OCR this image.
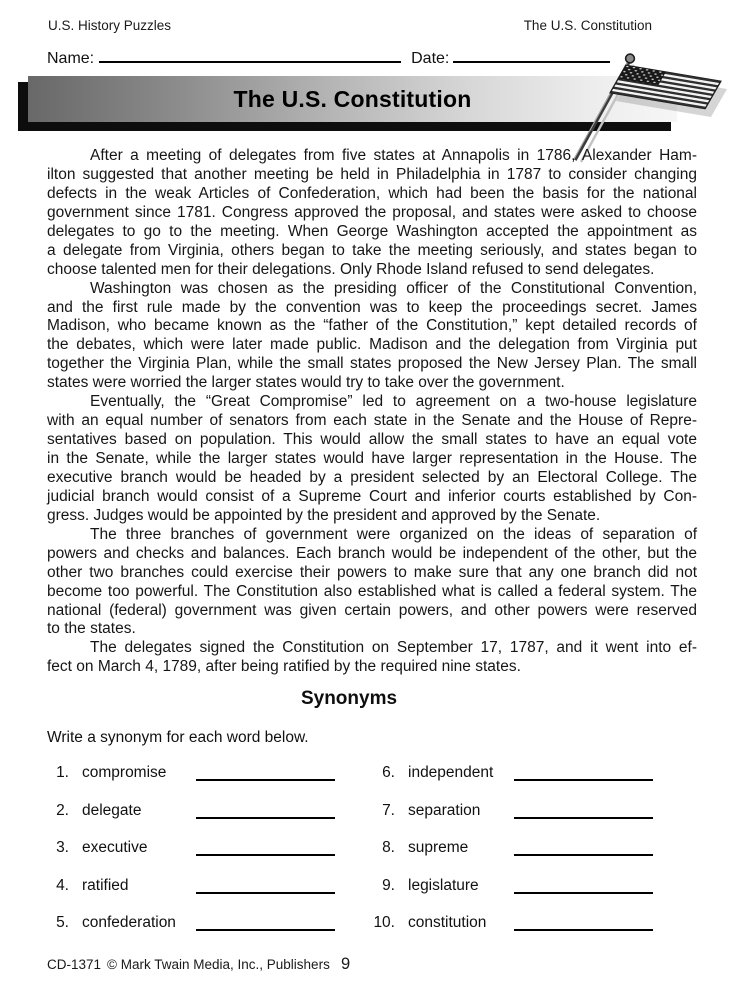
U.S. History Puzzles	The U.S. Constitution
Name:	Date:
The U.S. Constitution
After a meeting of delegates from five states at Annapolis in 1786, Alexander Ham-
ilton suggested that another meeting be held in Philadelphia in 1787 to consider changing
defects in the weak Articles of Confederation, which had been the basis for the national
government since 1781. Congress approved the proposal, and states were asked to choose
delegates to go to the meeting. When George Washington accepted the appointment as
a delegate from Virginia, others began to take the meeting seriously, and states began to
choose talented men for their delegations. Only Rhode Island refused to send delegates.
Washington was chosen as the presiding officer of the Constitutional Convention,
and the first rule made by the convention was to keep the proceedings secret. James
Madison, who became known as the “father of the Constitution,” kept detailed records of
the debates, which were later made public. Madison and the delegation from Virginia put
together the Virginia Plan, while the small states proposed the New Jersey Plan. The small
states were worried the larger states would try to take over the government.
Eventually, the “Great Compromise” led to agreement on a two-house legislature
with an equal number of senators from each state in the Senate and the House of Repre-
sentatives based on population. This would allow the small states to have an equal vote
in the Senate, while the larger states would have larger representation in the House. The
executive branch would be headed by a president selected by an Electoral College. The
judicial branch would consist of a Supreme Court and inferior courts established by Con-
gress. Judges would be appointed by the president and approved by the Senate.
The three branches of government were organized on the ideas of separation of
powers and checks and balances. Each branch would be independent of the other, but the
other two branches could exercise their powers to make sure that any one branch did not
become too powerful. The Constitution also established what is called a federal system. The
national (federal) government was given certain powers, and other powers were reserved
to the states.
The delegates signed the Constitution on September 17, 1787, and it went into ef-
fect on March 4, 1789, after being ratified by the required nine states.
Synonyms
Write a synonym for each word below.
1. compromise	6. independent
2. delegate	7. separation
3. executive	8. supreme
4. ratified	9. legislature
5. confederation	10. constitution
CD-1371 © Mark Twain Media, Inc., Publishers 9
